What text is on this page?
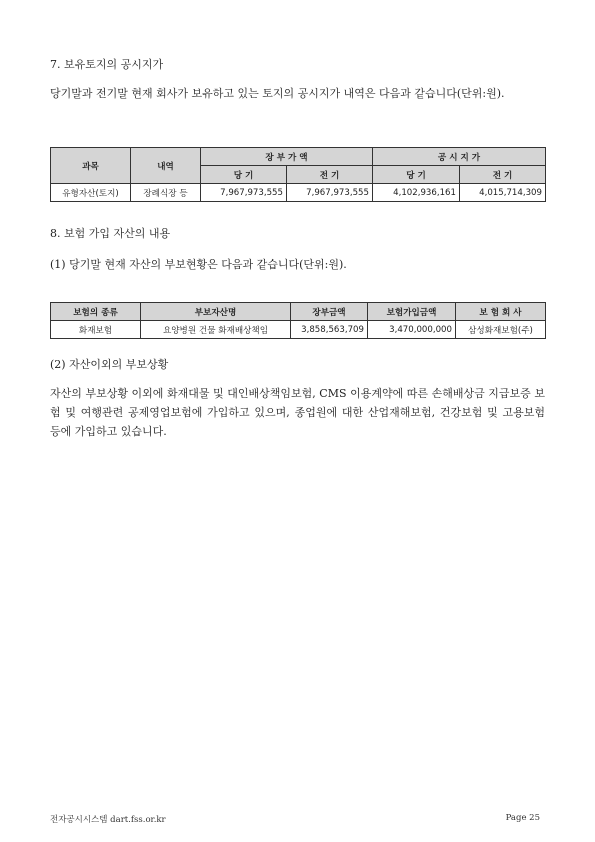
7. 보유토지의 공시지가
당기말과 전기말 현재 회사가 보유하고 있는 토지의 공시지가 내역은 다음과 같습니다(단위:원).
과목	내역	장 부 가 액		공 시 지 가	
		당 기	전 기	당 기	전 기
유형자산(토지)	장례식장 등	7,967,973,555	7,967,973,555	4,102,936,161	4,015,714,309
8. 보험 가입 자산의 내용
(1) 당기말 현재 자산의 부보현황은 다음과 같습니다(단위:원).
보험의 종류	부보자산명	장부금액	보험가입금액	보 험 회 사
화재보험	요양병원 건물 화재배상책임	3,858,563,709	3,470,000,000	삼성화재보험(주)
(2) 자산이외의 부보상황
자산의 부보상황 이외에 화재대물 및 대인배상책임보험, CMS 이용계약에 따른 손해배상금 지급보증 보험 및 여행관련 공제영업보험에 가입하고 있으며, 종업원에 대한 산업재해보험, 건강보험 및 고용보험 등에 가입하고 있습니다.
전자공시시스템 dart.fss.or.kr	Page 25
